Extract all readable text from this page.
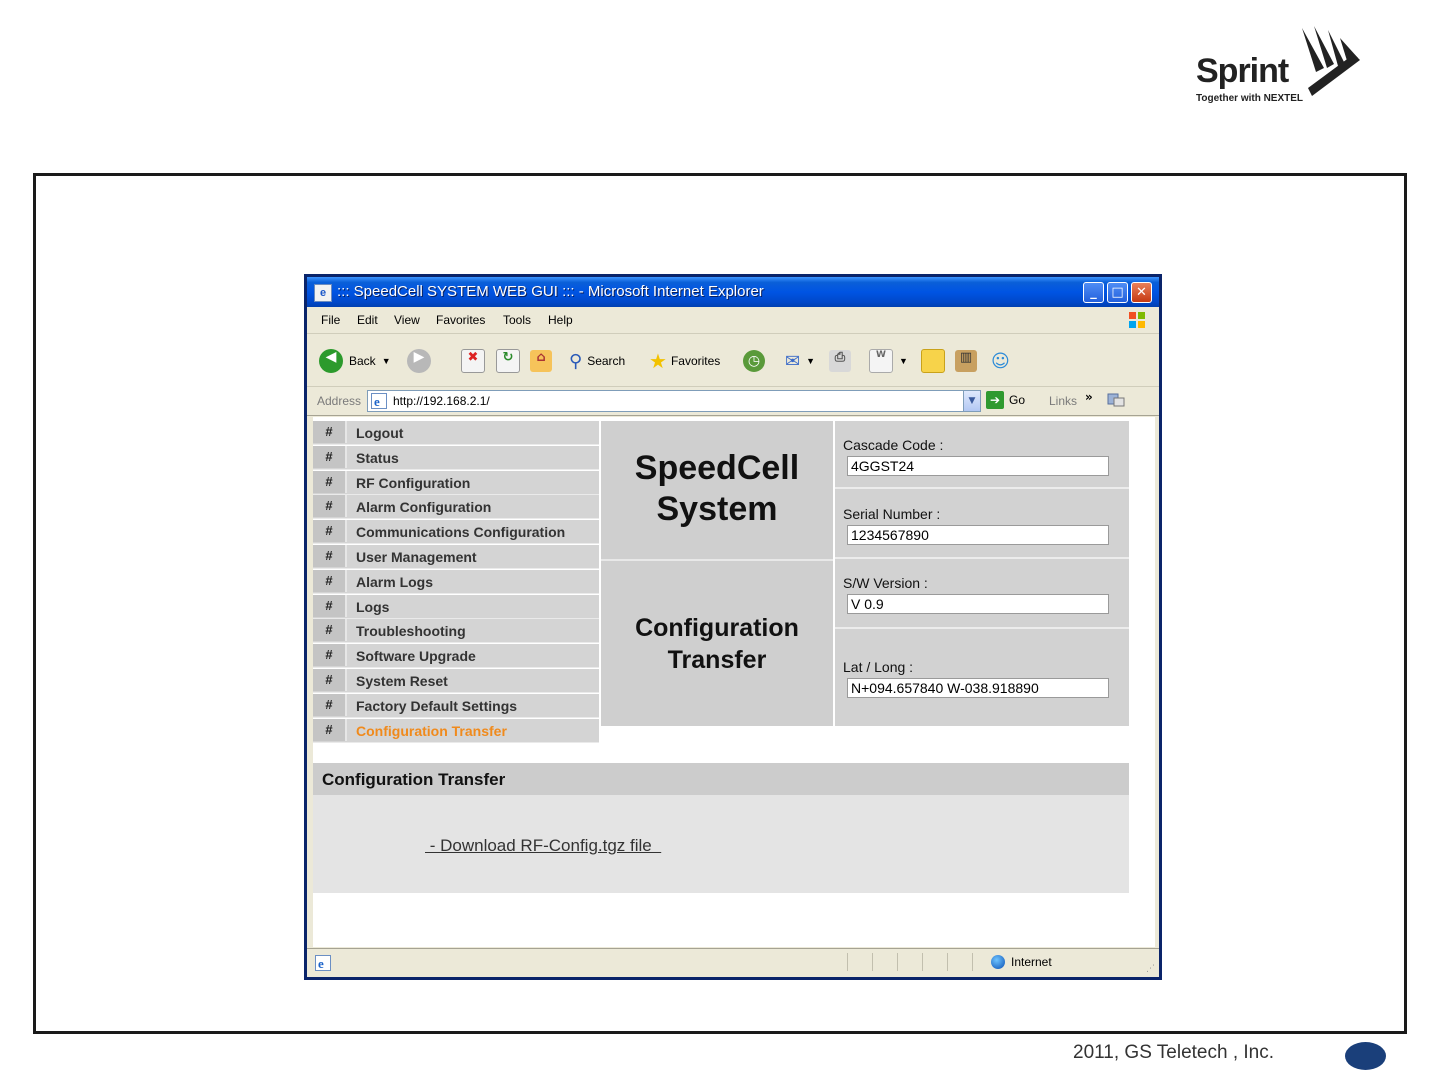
Sprint
Together with NEXTEL
e ::: SpeedCell SYSTEM WEB GUI ::: - Microsoft Internet Explorer	_	□ ✕
File Edit View Favorites Tools Help
◀	Back ▼	▶	✖	↻	⌂	⚲ Search ★ Favorites	◷ ✉ ▼	⎙	W
▼	▥ ☺
Address e http://192.168.2.1/	▼	➔ Go Links »
#	Logout
#	Status
#	RF Configuration
#	Alarm Configuration
#	Communications Configuration
#	User Management
#	Alarm Logs
#	Logs
#	Troubleshooting
#	Software Upgrade
#	System Reset
#	Factory Default Settings
#	Configuration Transfer
SpeedCell
System
Configuration
Transfer
Cascade Code :
4GGST24
Serial Number :
1234567890
S/W Version :
V 0.9
Lat / Long :
N+094.657840 W-038.918890
Configuration Transfer
- Download RF-Config.tgz file
e	Internet	⋰
2011, GS Teletech , Inc.
